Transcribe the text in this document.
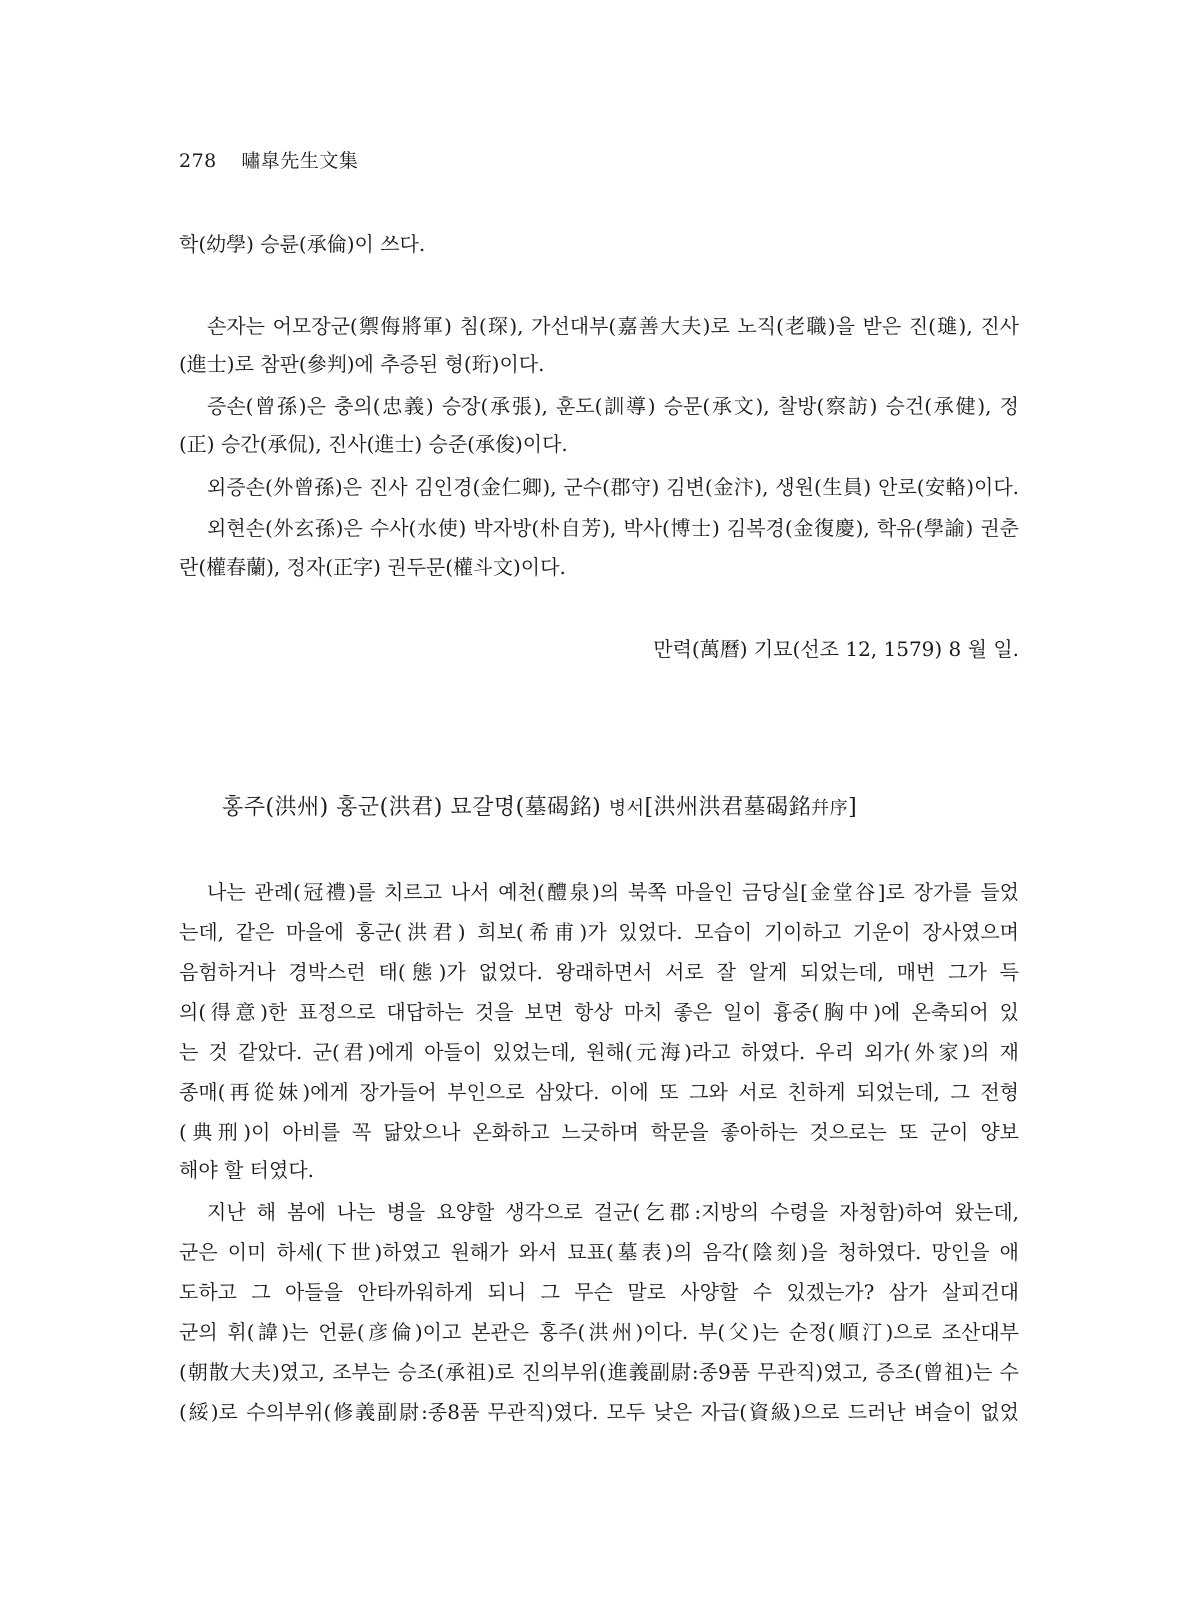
278 嘯皐先生文集
학(幼學) 승륜(承倫)이 쓰다.
손자는 어모장군(禦侮將軍) 침(琛), 가선대부(嘉善大夫)로 노직(老職)을 받은 진(璡), 진사
(進士)로 참판(參判)에 추증된 형(珩)이다.
증손(曾孫)은 충의(忠義) 승장(承張), 훈도(訓導) 승문(承文), 찰방(察訪) 승건(承健), 정
(正) 승간(承侃), 진사(進士) 승준(承俊)이다.
외증손(外曾孫)은 진사 김인경(金仁卿), 군수(郡守) 김변(金汴), 생원(生員) 안로(安輅)이다.
외현손(外玄孫)은 수사(水使) 박자방(朴自芳), 박사(博士) 김복경(金復慶), 학유(學諭) 권춘
란(權春蘭), 정자(正字) 권두문(權斗文)이다.
만력(萬曆) 기묘(선조 12, 1579) 8 월 일.
홍주(洪州) 홍군(洪君) 묘갈명(墓碣銘) 병서[洪州洪君墓碣銘幷序]
나는 관례(冠禮)를 치르고 나서 예천(醴泉)의 북쪽 마을인 금당실[金堂谷]로 장가를 들었
는데, 같은 마을에 홍군(洪君) 희보(希甫)가 있었다. 모습이 기이하고 기운이 장사였으며
음험하거나 경박스런 태(態)가 없었다. 왕래하면서 서로 잘 알게 되었는데, 매번 그가 득
의(得意)한 표정으로 대답하는 것을 보면 항상 마치 좋은 일이 흉중(胸中)에 온축되어 있
는 것 같았다. 군(君)에게 아들이 있었는데, 원해(元海)라고 하였다. 우리 외가(外家)의 재
종매(再從妹)에게 장가들어 부인으로 삼았다. 이에 또 그와 서로 친하게 되었는데, 그 전형
(典刑)이 아비를 꼭 닮았으나 온화하고 느긋하며 학문을 좋아하는 것으로는 또 군이 양보
해야 할 터였다.
지난 해 봄에 나는 병을 요양할 생각으로 걸군(乞郡:지방의 수령을 자청함)하여 왔는데,
군은 이미 하세(下世)하였고 원해가 와서 묘표(墓表)의 음각(陰刻)을 청하였다. 망인을 애
도하고 그 아들을 안타까워하게 되니 그 무슨 말로 사양할 수 있겠는가? 삼가 살피건대
군의 휘(諱)는 언륜(彦倫)이고 본관은 홍주(洪州)이다. 부(父)는 순정(順汀)으로 조산대부
(朝散大夫)였고, 조부는 승조(承祖)로 진의부위(進義副尉:종9품 무관직)였고, 증조(曾祖)는 수
(綏)로 수의부위(修義副尉:종8품 무관직)였다. 모두 낮은 자급(資級)으로 드러난 벼슬이 없었
